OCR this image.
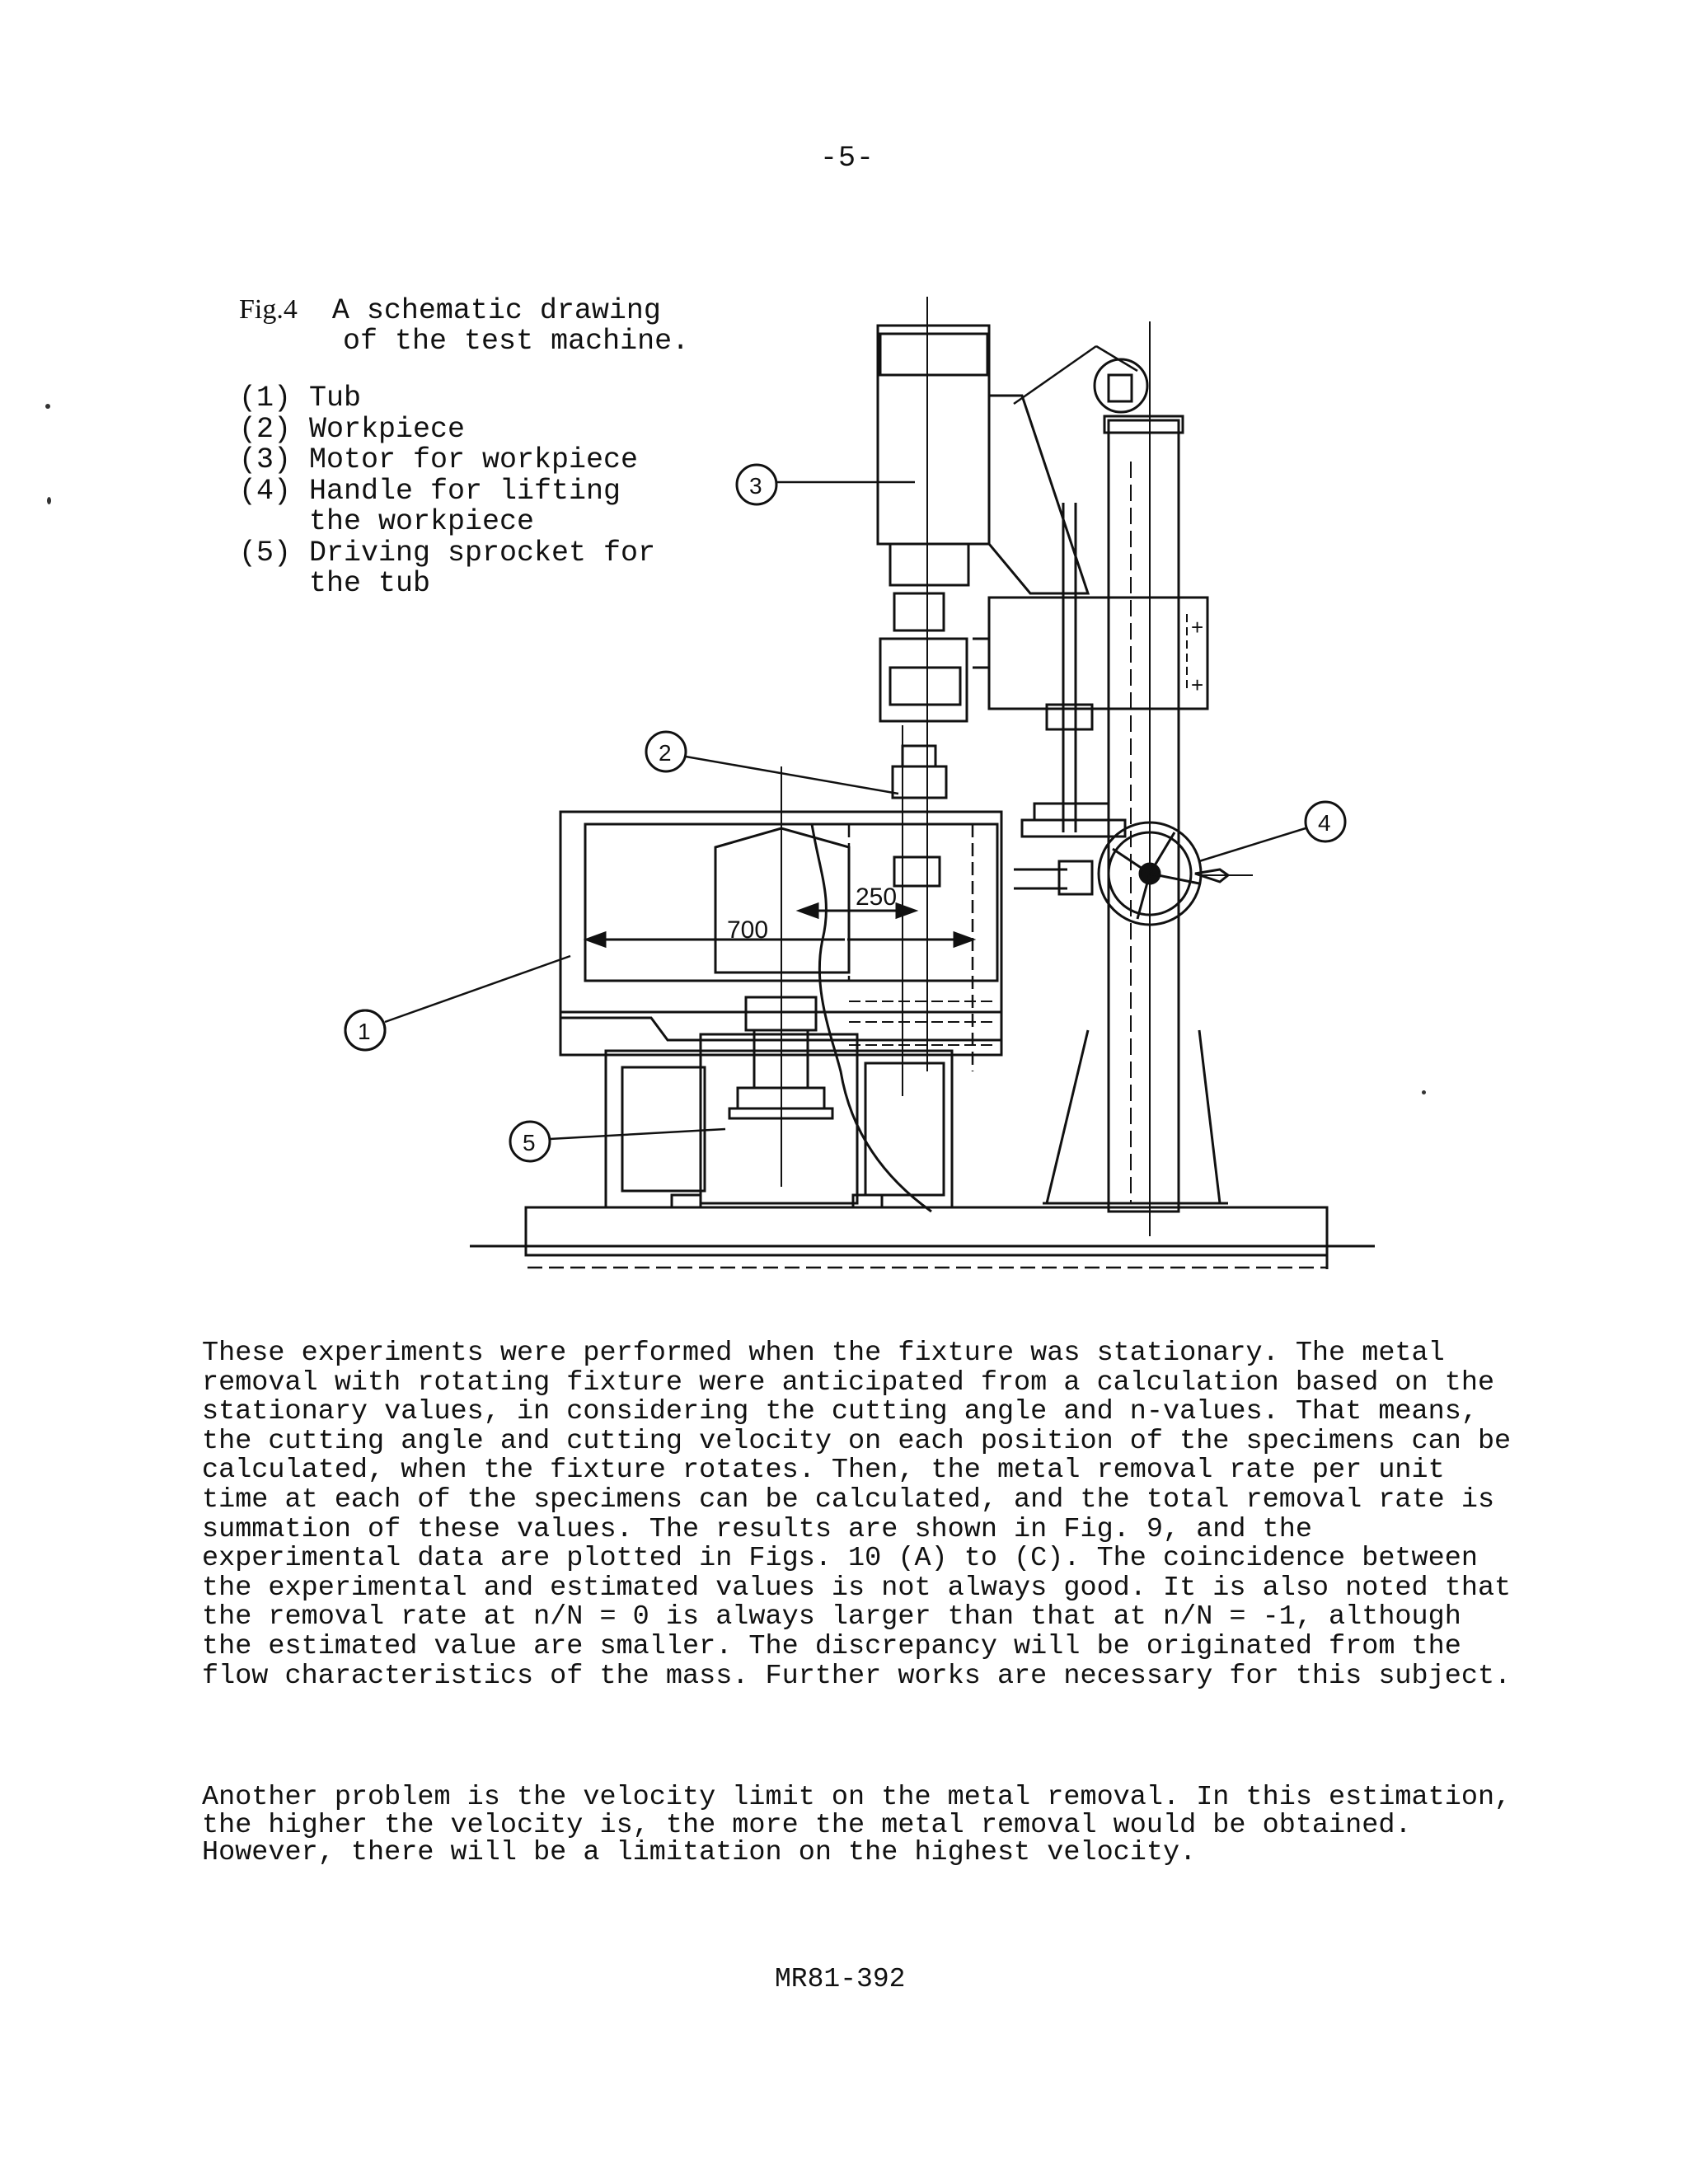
-5-
Fig.4 A schematic drawing
of the test machine.
(1) Tub
(2) Workpiece
(3) Motor for workpiece
(4) Handle for lifting
the workpiece
(5) Driving sprocket for
the tub
700
250
+
+
3
2
4
1
5

These experiments were performed when the fixture was stationary. The metal removal with rotating fixture were anticipated from a calculation based on the stationary values, in considering the cutting angle and n-values. That means, the cutting angle and cutting velocity on each position of the specimens can be calculated, when the fixture rotates. Then, the metal removal rate per unit time at each of the specimens can be calculated, and the total removal rate is summation of these values. The results are shown in Fig. 9, and the experimental data are plotted in Figs. 10 (A) to (C). The coincidence between the experimental and estimated values is not always good. It is also noted that the removal rate at n/N = 0 is always larger than that at n/N = -1, although the estimated value are smaller. The discrepancy will be originated from the flow characteristics of the mass. Further works are necessary for this subject.

Another problem is the velocity limit on the metal removal. In this estimation, the higher the velocity is, the more the metal removal would be obtained. However, there will be a limitation on the highest velocity.

MR81-392
